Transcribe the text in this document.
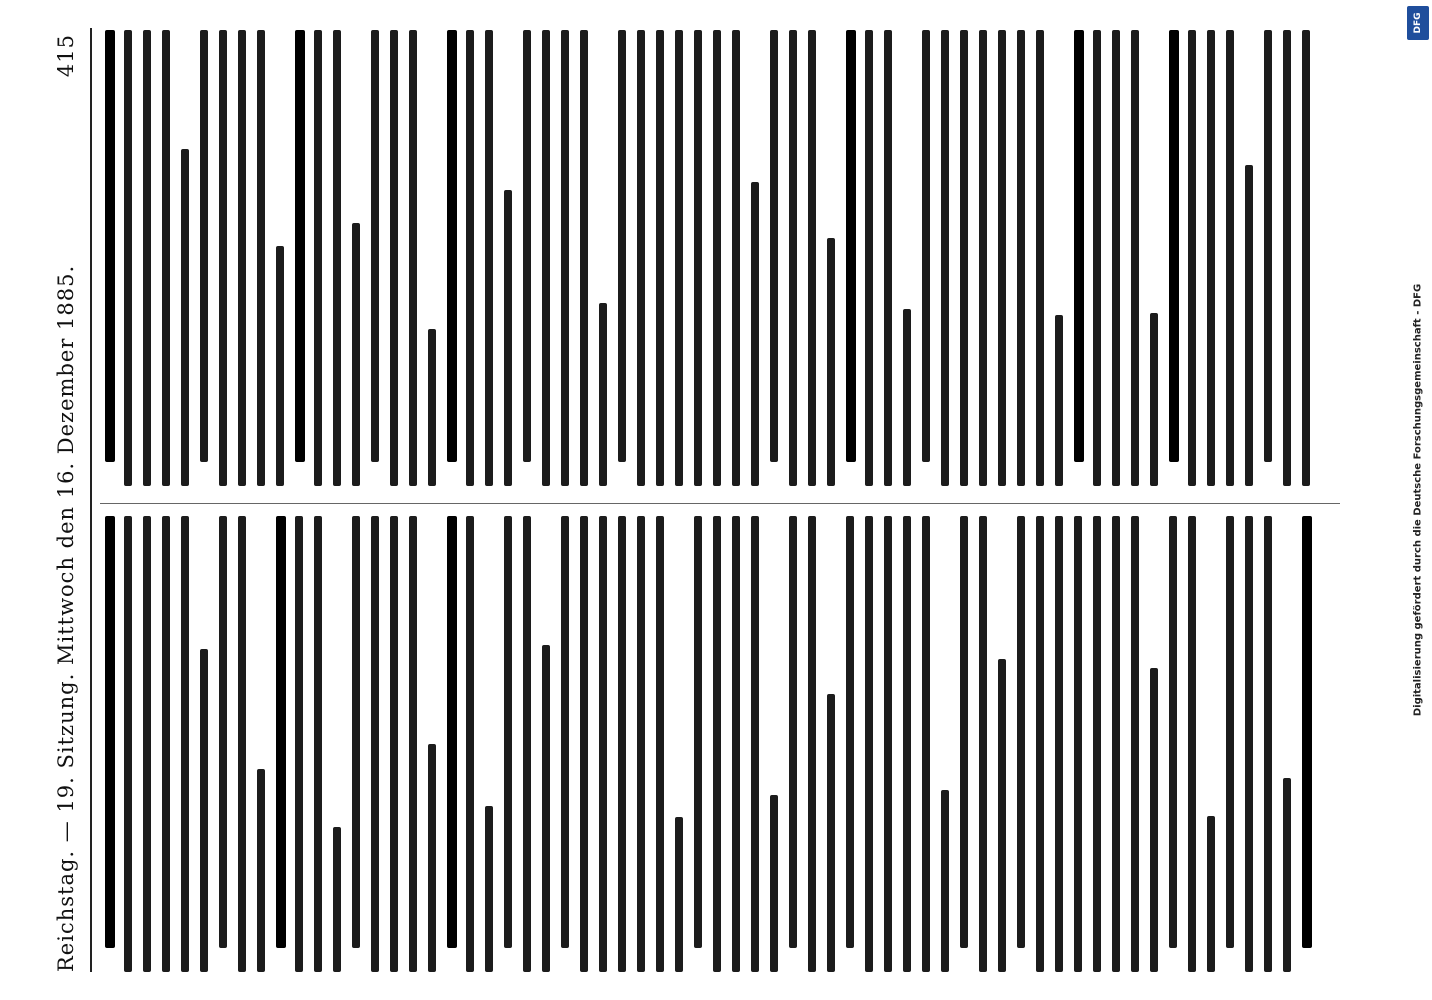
Reichstag. — 19. Sitzung. Mittwoch den 16. Dezember 1885.
415
Digitalisierung gefördert durch die Deutsche Forschungsgemeinschaft - DFG
DFG
